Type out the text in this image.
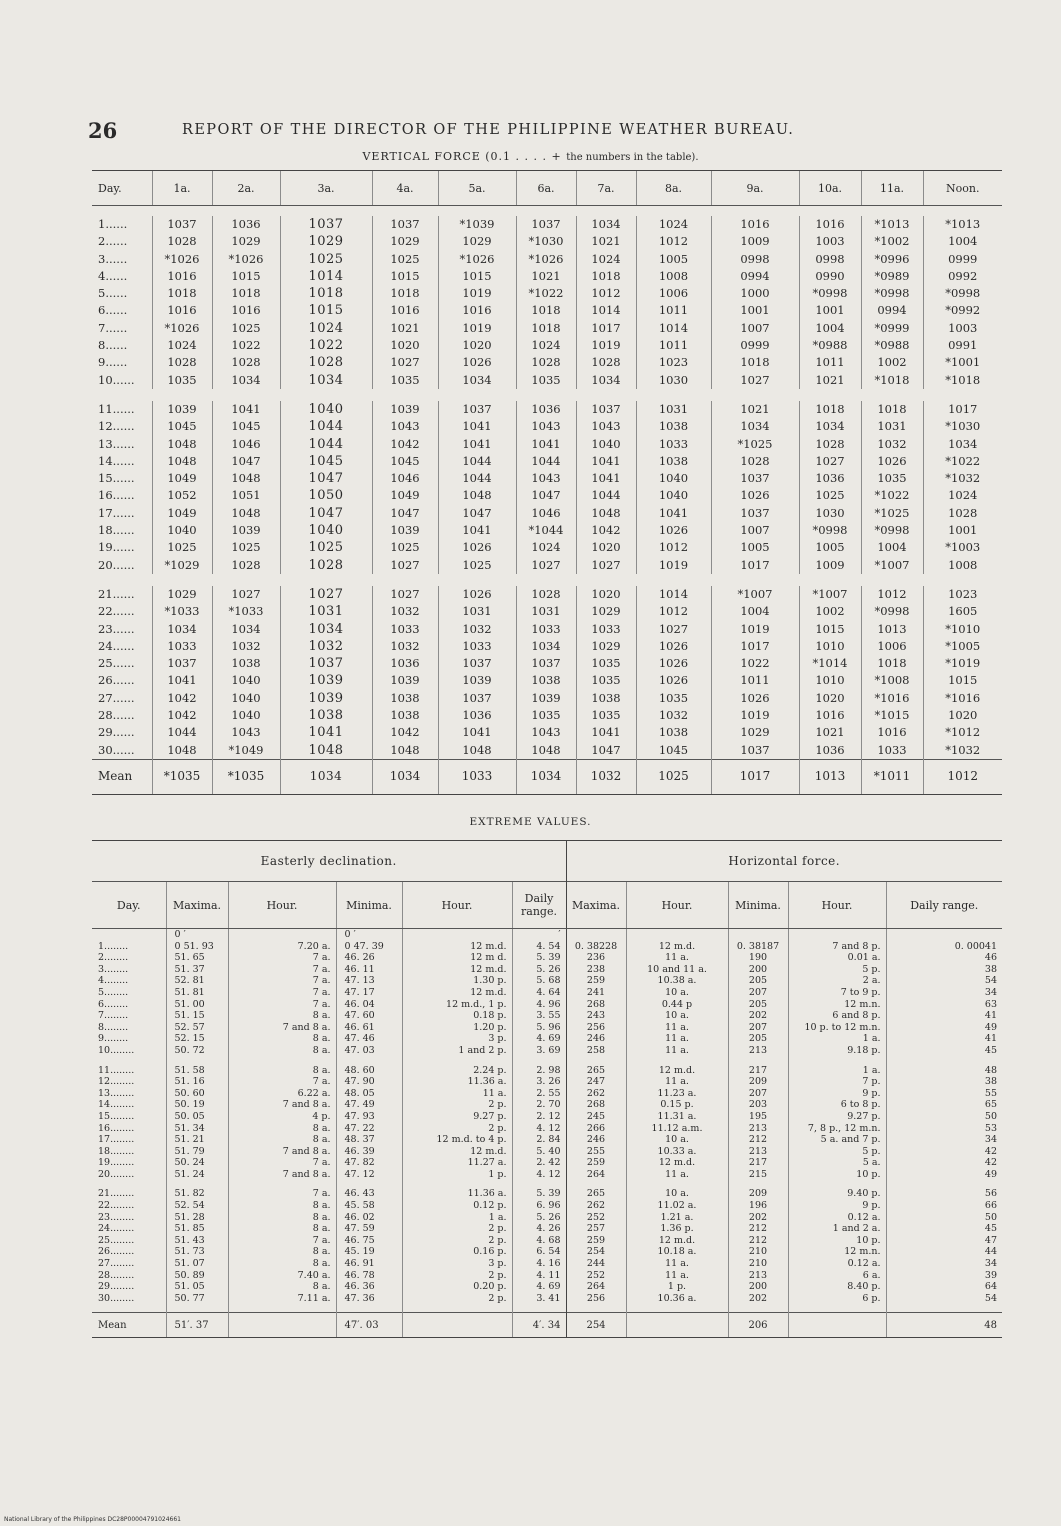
26	REPORT OF THE DIRECTOR OF THE PHILIPPINE WEATHER BUREAU.
VERTICAL FORCE (0.1 . . . . + the numbers in the table).
Day.	1a.	2a.	3a.	4a.	5a.	6a.	7a.	8a.	9a.	10a.	11a.	Noon.

1......	1037	1036	1037	1037	*1039	1037	1034	1024	1016	1016	*1013	*1013
2......	1028	1029	1029	1029	1029	*1030	1021	1012	1009	1003	*1002	1004
3......	*1026	*1026	1025	1025	*1026	*1026	1024	1005	0998	0998	*0996	0999
4......	1016	1015	1014	1015	1015	1021	1018	1008	0994	0990	*0989	0992
5......	1018	1018	1018	1018	1019	*1022	1012	1006	1000	*0998	*0998	*0998
6......	1016	1016	1015	1016	1016	1018	1014	1011	1001	1001	0994	*0992
7......	*1026	1025	1024	1021	1019	1018	1017	1014	1007	1004	*0999	1003
8......	1024	1022	1022	1020	1020	1024	1019	1011	0999	*0988	*0988	0991
9......	1028	1028	1028	1027	1026	1028	1028	1023	1018	1011	1002	*1001
10......	1035	1034	1034	1035	1034	1035	1034	1030	1027	1021	*1018	*1018

11......	1039	1041	1040	1039	1037	1036	1037	1031	1021	1018	1018	1017
12......	1045	1045	1044	1043	1041	1043	1043	1038	1034	1034	1031	*1030
13......	1048	1046	1044	1042	1041	1041	1040	1033	*1025	1028	1032	1034
14......	1048	1047	1045	1045	1044	1044	1041	1038	1028	1027	1026	*1022
15......	1049	1048	1047	1046	1044	1043	1041	1040	1037	1036	1035	*1032
16......	1052	1051	1050	1049	1048	1047	1044	1040	1026	1025	*1022	1024
17......	1049	1048	1047	1047	1047	1046	1048	1041	1037	1030	*1025	1028
18......	1040	1039	1040	1039	1041	*1044	1042	1026	1007	*0998	*0998	1001
19......	1025	1025	1025	1025	1026	1024	1020	1012	1005	1005	1004	*1003
20......	*1029	1028	1028	1027	1025	1027	1027	1019	1017	1009	*1007	1008

21......	1029	1027	1027	1027	1026	1028	1020	1014	*1007	*1007	1012	1023
22......	*1033	*1033	1031	1032	1031	1031	1029	1012	1004	1002	*0998	1605
23......	1034	1034	1034	1033	1032	1033	1033	1027	1019	1015	1013	*1010
24......	1033	1032	1032	1032	1033	1034	1029	1026	1017	1010	1006	*1005
25......	1037	1038	1037	1036	1037	1037	1035	1026	1022	*1014	1018	*1019
26......	1041	1040	1039	1039	1039	1038	1035	1026	1011	1010	*1008	1015
27......	1042	1040	1039	1038	1037	1039	1038	1035	1026	1020	*1016	*1016
28......	1042	1040	1038	1038	1036	1035	1035	1032	1019	1016	*1015	1020
29......	1044	1043	1041	1042	1041	1043	1041	1038	1029	1021	1016	*1012
30......	1048	*1049	1048	1048	1048	1048	1047	1045	1037	1036	1033	*1032
Mean	*1035	*1035	1034	1034	1033	1034	1032	1025	1017	1013	*1011	1012
EXTREME VALUES.
Easterly declination.						Horizontal force.				
Day.	Maxima.	Hour.	Minima.	Hour.	Daily range.	Maxima.	Hour.	Minima.	Hour.	Daily range.
	0 ′		0 ′		′					
1........	0 51. 93	7.20 a.	0 47. 39	12 m.d.	4. 54	0. 38228	12 m.d.	0. 38187	7 and 8 p.	0. 00041
2........	51. 65	7 a.	46. 26	12 m d.	5. 39	236	11 a.	190	0.01 a.	46
3........	51. 37	7 a.	46. 11	12 m.d.	5. 26	238	10 and 11 a.	200	5 p.	38
4........	52. 81	7 a.	47. 13	1.30 p.	5. 68	259	10.38 a.	205	2 a.	54
5........	51. 81	7 a.	47. 17	12 m.d.	4. 64	241	10 a.	207	7 to 9 p.	34
6........	51. 00	7 a.	46. 04	12 m.d., 1 p.	4. 96	268	0.44 p	205	12 m.n.	63
7........	51. 15	8 a.	47. 60	0.18 p.	3. 55	243	10 a.	202	6 and 8 p.	41
8........	52. 57	7 and 8 a.	46. 61	1.20 p.	5. 96	256	11 a.	207	10 p. to 12 m.n.	49
9........	52. 15	8 a.	47. 46	3 p.	4. 69	246	11 a.	205	1 a.	41
10........	50. 72	8 a.	47. 03	1 and 2 p.	3. 69	258	11 a.	213	9.18 p.	45

11........	51. 58	8 a.	48. 60	2.24 p.	2. 98	265	12 m.d.	217	1 a.	48
12........	51. 16	7 a.	47. 90	11.36 a.	3. 26	247	11 a.	209	7 p.	38
13........	50. 60	6.22 a.	48. 05	11 a.	2. 55	262	11.23 a.	207	9 p.	55
14........	50. 19	7 and 8 a.	47. 49	2 p.	2. 70	268	0.15 p.	203	6 to 8 p.	65
15........	50. 05	4 p.	47. 93	9.27 p.	2. 12	245	11.31 a.	195	9.27 p.	50
16........	51. 34	8 a.	47. 22	2 p.	4. 12	266	11.12 a.m.	213	7, 8 p., 12 m.n.	53
17........	51. 21	8 a.	48. 37	12 m.d. to 4 p.	2. 84	246	10 a.	212	5 a. and 7 p.	34
18........	51. 79	7 and 8 a.	46. 39	12 m.d.	5. 40	255	10.33 a.	213	5 p.	42
19........	50. 24	7 a.	47. 82	11.27 a.	2. 42	259	12 m.d.	217	5 a.	42
20........	51. 24	7 and 8 a.	47. 12	1 p.	4. 12	264	11 a.	215	10 p.	49

21........	51. 82	7 a.	46. 43	11.36 a.	5. 39	265	10 a.	209	9.40 p.	56
22........	52. 54	8 a.	45. 58	0.12 p.	6. 96	262	11.02 a.	196	9 p.	66
23........	51. 28	8 a.	46. 02	1 a.	5. 26	252	1.21 a.	202	0.12 a.	50
24........	51. 85	8 a.	47. 59	2 p.	4. 26	257	1.36 p.	212	1 and 2 a.	45
25........	51. 43	7 a.	46. 75	2 p.	4. 68	259	12 m.d.	212	10 p.	47
26........	51. 73	8 a.	45. 19	0.16 p.	6. 54	254	10.18 a.	210	12 m.n.	44
27........	51. 07	8 a.	46. 91	3 p.	4. 16	244	11 a.	210	0.12 a.	34
28........	50. 89	7.40 a.	46. 78	2 p.	4. 11	252	11 a.	213	6 a.	39
29........	51. 05	8 a.	46. 36	0.20 p.	4. 69	264	1 p.	200	8.40 p.	64
30........	50. 77	7.11 a.	47. 36	2 p.	3. 41	256	10.36 a.	202	6 p.	54

Mean	51′. 37		47′. 03		4′. 34	254		206		48
National Library of the Philippines DC28P00004791024661
